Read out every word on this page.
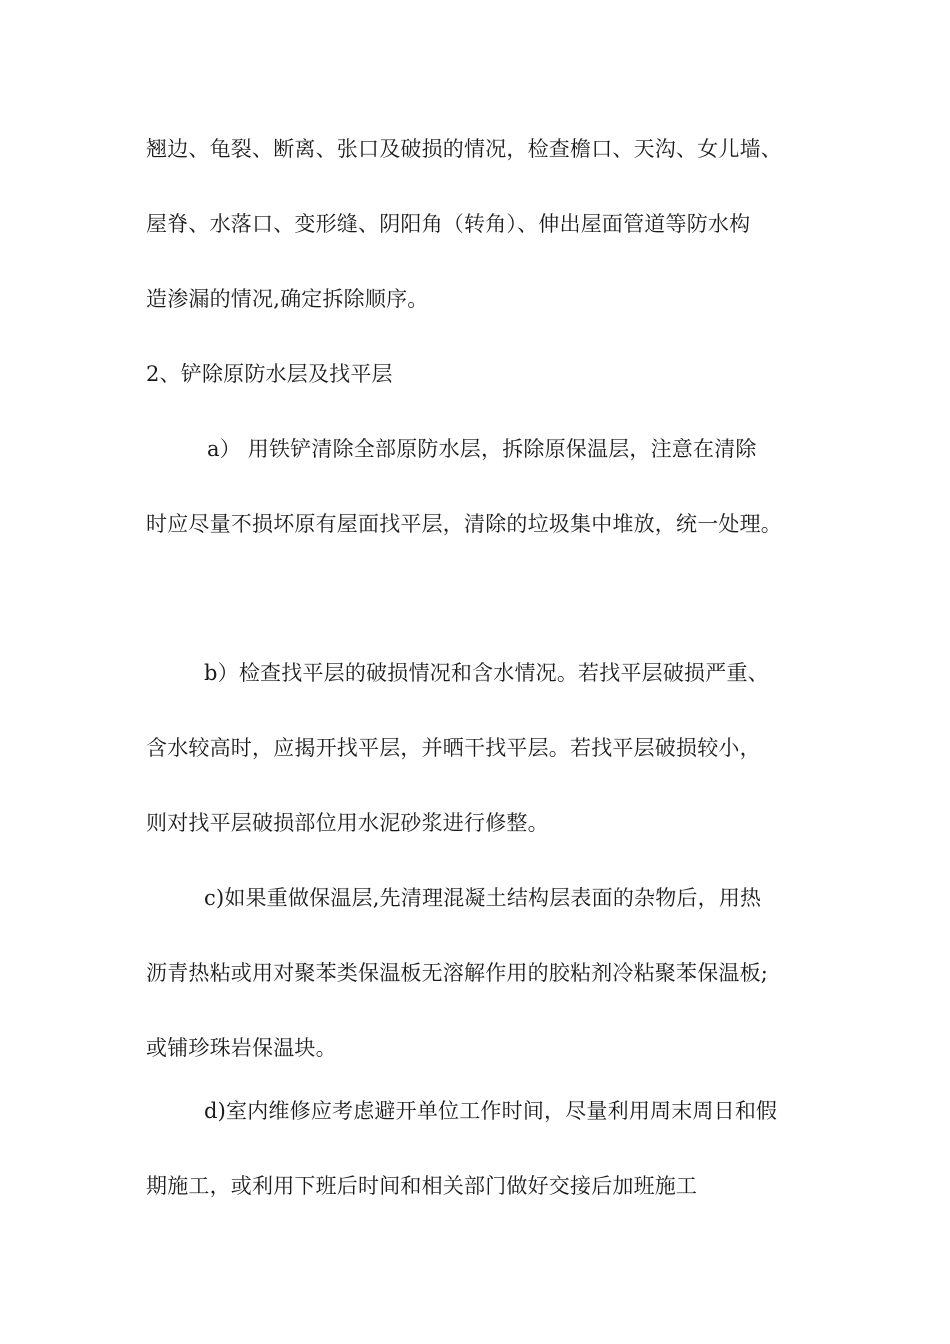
翘边、龟裂、断离、张口及破损的情况，检查檐口、天沟、女儿墙、
屋脊、水落口、变形缝、阴阳角（转角）、伸出屋面管道等防水构
造渗漏的情况,确定拆除顺序。
2、铲除原防水层及找平层
a） 用铁铲清除全部原防水层，拆除原保温层，注意在清除
时应尽量不损坏原有屋面找平层，清除的垃圾集中堆放，统一处理。
b）检查找平层的破损情况和含水情况。若找平层破损严重、
含水较高时，应揭开找平层，并晒干找平层。若找平层破损较小，
则对找平层破损部位用水泥砂浆进行修整。
c)如果重做保温层,先清理混凝土结构层表面的杂物后，用热
沥青热粘或用对聚苯类保温板无溶解作用的胶粘剂冷粘聚苯保温板;
或铺珍珠岩保温块。
d)室内维修应考虑避开单位工作时间，尽量利用周末周日和假
期施工，或利用下班后时间和相关部门做好交接后加班施工
